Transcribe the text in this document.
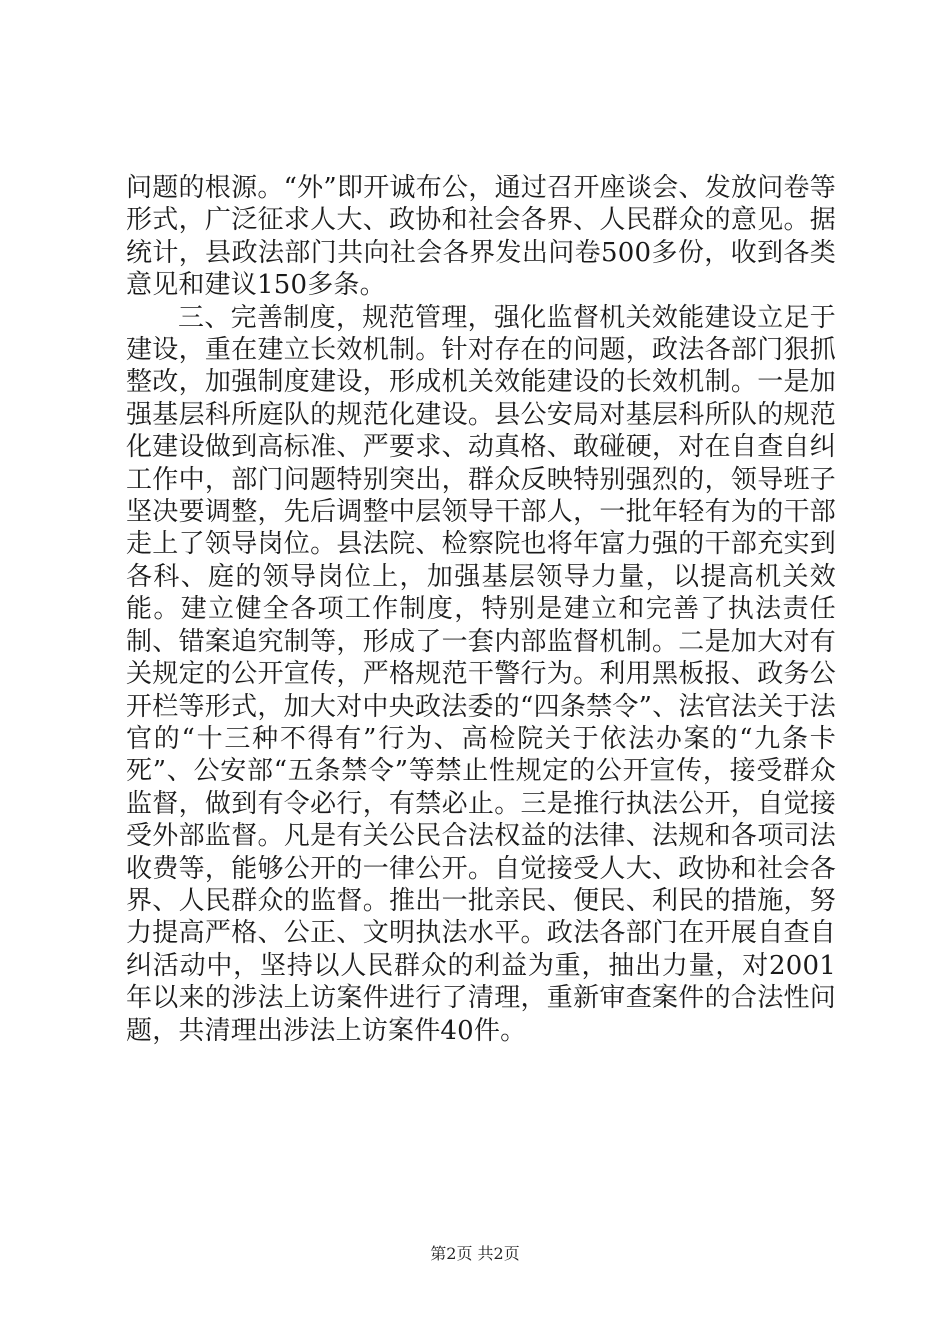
问题的根源。“外”即开诚布公，通过召开座谈会、发放问卷等形式，广泛征求人大、政协和社会各界、人民群众的意见。据统计，县政法部门共向社会各界发出问卷500多份，收到各类意见和建议150多条。

三、完善制度，规范管理，强化监督机关效能建设立足于建设，重在建立长效机制。针对存在的问题，政法各部门狠抓整改，加强制度建设，形成机关效能建设的长效机制。一是加强基层科所庭队的规范化建设。县公安局对基层科所队的规范化建设做到高标准、严要求、动真格、敢碰硬，对在自查自纠工作中，部门问题特别突出，群众反映特别强烈的，领导班子坚决要调整，先后调整中层领导干部人，一批年轻有为的干部走上了领导岗位。县法院、检察院也将年富力强的干部充实到各科、庭的领导岗位上，加强基层领导力量，以提高机关效能。建立健全各项工作制度，特别是建立和完善了执法责任制、错案追究制等，形成了一套内部监督机制。二是加大对有关规定的公开宣传，严格规范干警行为。利用黑板报、政务公开栏等形式，加大对中央政法委的“四条禁令”、法官法关于法官的“十三种不得有”行为、高检院关于依法办案的“九条卡死”、公安部“五条禁令”等禁止性规定的公开宣传，接受群众监督，做到有令必行，有禁必止。三是推行执法公开，自觉接受外部监督。凡是有关公民合法权益的法律、法规和各项司法收费等，能够公开的一律公开。自觉接受人大、政协和社会各界、人民群众的监督。推出一批亲民、便民、利民的措施，努力提高严格、公正、文明执法水平。政法各部门在开展自查自纠活动中，坚持以人民群众的利益为重，抽出力量，对2001年以来的涉法上访案件进行了清理，重新审查案件的合法性问题，共清理出涉法上访案件40件。

第2页 共2页
